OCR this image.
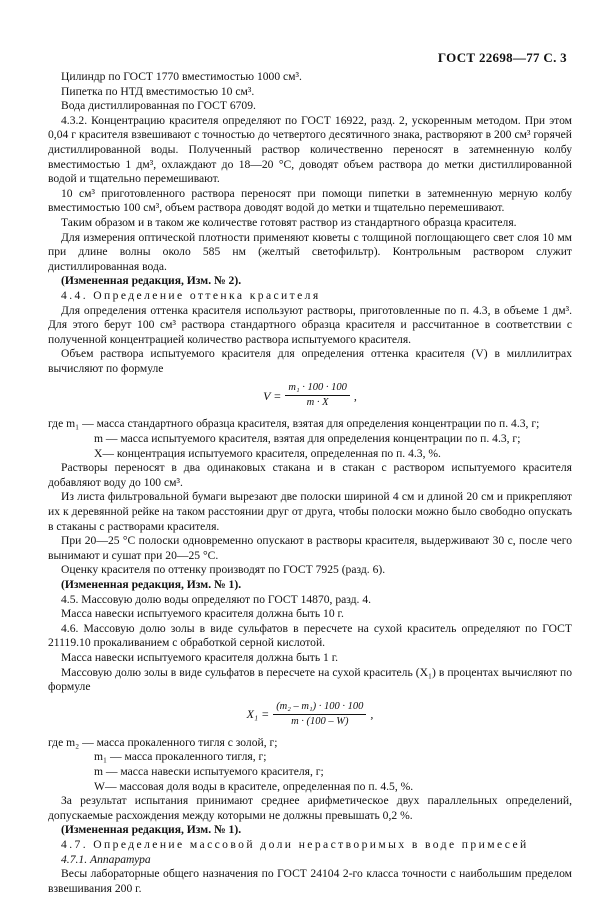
ГОСТ 22698—77 С. 3

Цилиндр по ГОСТ 1770 вместимостью 1000 см³.

Пипетка по НТД вместимостью 10 см³.

Вода дистиллированная по ГОСТ 6709.

4.3.2. Концентрацию красителя определяют по ГОСТ 16922, разд. 2, ускоренным методом. При этом 0,04 г красителя взвешивают с точностью до четвертого десятичного знака, растворяют в 200 см³ горячей дистиллированной воды. Полученный раствор количественно переносят в затемненную колбу вместимостью 1 дм³, охлаждают до 18—20 °С, доводят объем раствора до метки дистиллированной водой и тщательно перемешивают.

10 см³ приготовленного раствора переносят при помощи пипетки в затемненную мерную колбу вместимостью 100 см³, объем раствора доводят водой до метки и тщательно перемешивают.

Таким образом и в таком же количестве готовят раствор из стандартного образца красителя.

Для измерения оптической плотности применяют кюветы с толщиной поглощающего свет слоя 10 мм при длине волны около 585 нм (желтый светофильтр). Контрольным раствором служит дистиллированная вода.

(Измененная редакция, Изм. № 2).

4.4. Определение оттенка красителя

Для определения оттенка красителя используют растворы, приготовленные по п. 4.3, в объеме 1 дм³. Для этого берут 100 см³ раствора стандартного образца красителя и рассчитанное в соответствии с полученной концентрацией количество раствора испытуемого красителя.

Объем раствора испытуемого красителя для определения оттенка красителя (V) в миллилитрах вычисляют по формуле

$V = \frac{\text{m₁ · 100 · 100}}{m \cdot X}$ ,

где m₁ — масса стандартного образца красителя, взятая для определения концентрации по п. 4.3, г;

m — масса испытуемого красителя, взятая для определения концентрации по п. 4.3, г;

X— концентрация испытуемого красителя, определенная по п. 4.3, %.

Растворы переносят в два одинаковых стакана и в стакан с раствором испытуемого красителя добавляют воду до 100 см³.

Из листа фильтровальной бумаги вырезают две полоски шириной 4 см и длиной 20 см и прикрепляют их к деревянной рейке на таком расстоянии друг от друга, чтобы полоски можно было свободно опускать в стаканы с растворами красителя.

При 20—25 °С полоски одновременно опускают в растворы красителя, выдерживают 30 с, после чего вынимают и сушат при 20—25 °С.

Оценку красителя по оттенку производят по ГОСТ 7925 (разд. 6).

(Измененная редакция, Изм. № 1).

4.5. Массовую долю воды определяют по ГОСТ 14870, разд. 4.

Масса навески испытуемого красителя должна быть 10 г.

4.6. Массовую долю золы в виде сульфатов в пересчете на сухой краситель определяют по ГОСТ 21119.10 прокаливанием с обработкой серной кислотой.

Масса навески испытуемого красителя должна быть 1 г.

Массовую долю золы в виде сульфатов в пересчете на сухой краситель (X₁) в процентах вычисляют по формуле

$X_1 = \frac{\text{(m₂ – m₁) · 100 · 100}}{m \cdot (100 - W)}$ ,

где m₂ — масса прокаленного тигля с золой, г;

m₁ — масса прокаленного тигля, г;

m — масса навески испытуемого красителя, г;

W— массовая доля воды в красителе, определенная по п. 4.5, %.

За результат испытания принимают среднее арифметическое двух параллельных определений, допускаемые расхождения между которыми не должны превышать 0,2 %.

(Измененная редакция, Изм. № 1).

4.7. Определение массовой доли нерастворимых в воде примесей

4.7.1. Аппаратура

Весы лабораторные общего назначения по ГОСТ 24104 2-го класса точности с наибольшим пределом взвешивания 200 г.
